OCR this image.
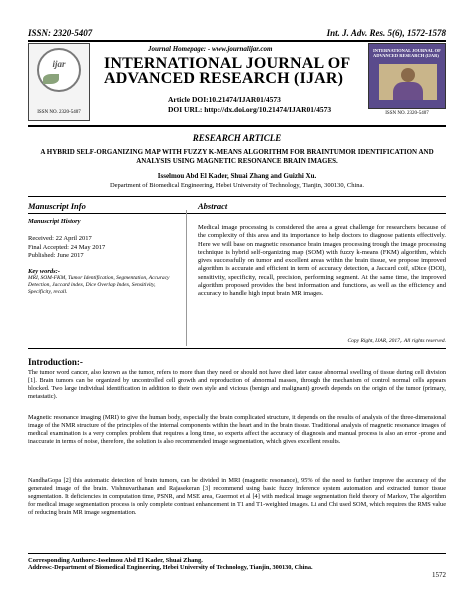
ISSN: 2320-5407	Int. J. Adv. Res. 5(6), 1572-1578
ijar
ISSN NO. 2320-5407
Journal Homepage: - www.journalijar.com
INTERNATIONAL JOURNAL OF
ADVANCED RESEARCH (IJAR)
Article DOI:10.21474/IJAR01/4573
DOI URL: http://dx.doi.org/10.21474/IJAR01/4573
INTERNATIONAL JOURNAL OF ADVANCED RESEARCH (IJAR)
ISSN NO. 2320-5407
RESEARCH ARTICLE
A HYBRID SELF-ORGANIZING MAP WITH FUZZY K-MEANS ALGORITHM FOR BRAINTUMOR IDENTIFICATION AND ANALYSIS USING MAGNETIC RESONANCE BRAIN IMAGES.
Isselmou Abd El Kader, Shuai Zhang and Guizhi Xu.
Department of Biomedical Engineering, Hebei University of Technology, Tianjin, 300130, China.
Manuscript Info	Abstract
Manuscript History
Received: 22 April 2017
Final Accepted: 24 May 2017
Published: June 2017
Key words:-
MRI, SOM-FKM, Tumor Identification, Segmentation, Accuracy Detection, Jaccard index, Dice Overlap Index, Sensitivity, Specificity, recall.
Medical image processing is considered the area a great challenge for researchers because of the complexity of this area and its importance to help doctors to diagnose patients effectively. Here we will base on magnetic resonance brain images processing trough the image processing technique is hybrid self-organizing map (SOM) with fuzzy k-means (FKM) algorithm, which gives successfully on tumor and excellent areas within the brain tissue, we propose improved algorithm is accurate and efficient in term of accuracy detection, a Jaccard coif, sDice (DOI), sensitivity, specificity, recall, precision, performing segment. At the same time, the improved algorithm proposed provides the best information and functions, as well as the efficiency and accuracy to handle high input brain MR images.
Copy Right, IJAR, 2017,. All rights reserved.
Introduction:-
The tumor word cancer, also known as the tumor, refers to more than they need or should not have died later cause abnormal swelling of tissue during cell division [1]. Brain tumors can be organized by uncontrolled cell growth and reproduction of abnormal masses, through the mechanism of control normal cells appears blocked. Two large individual identification in addition to their own style and vicious (benign and malignant) growth depends on the origin of the tumor (primary, metastatic).
Magnetic resonance imaging (MRI) to give the human body, especially the brain complicated structure, it depends on the results of analysis of the three-dimensional image of the NMR structure of the principles of the internal components within the heart and in the brain tissue. Traditional analysis of magnetic resonance images of medical examination is a very complex problem that requires a long time, so experts affect the accuracy of diagnosis and manual process is also an error -prone and inaccurate in terms of noise, therefore, the solution is also recommended image segmentation, which gives excellent results.
NandhaGopa [2] this automatic detection of brain tumors, can be divided in MRI (magnetic resonance), 95% of the need to further improve the accuracy of the generated image of the brain. Vishnuvarthanan and Rajasekeran [3] recommend using basic fuzzy inference system automation and extracted tumor tissue segmentation. It deficiencies in computation time, PSNR, and MSE area, Guermot et al [4] with medical image segmentation field theory of Markov, The algorithm for medical image segmentation process is only complete contrast enhancement in T1 and T1-weighted images. Li and Chi used SOM, which requires the RMS value of reducing brain MR image segmentation.
Corresponding Authors:-Isselmou Abd El Kader, Shuai Zhang.
Address:-Department of Biomedical Engineering, Hebei University of Technology, Tianjin, 300130, China.
1572
